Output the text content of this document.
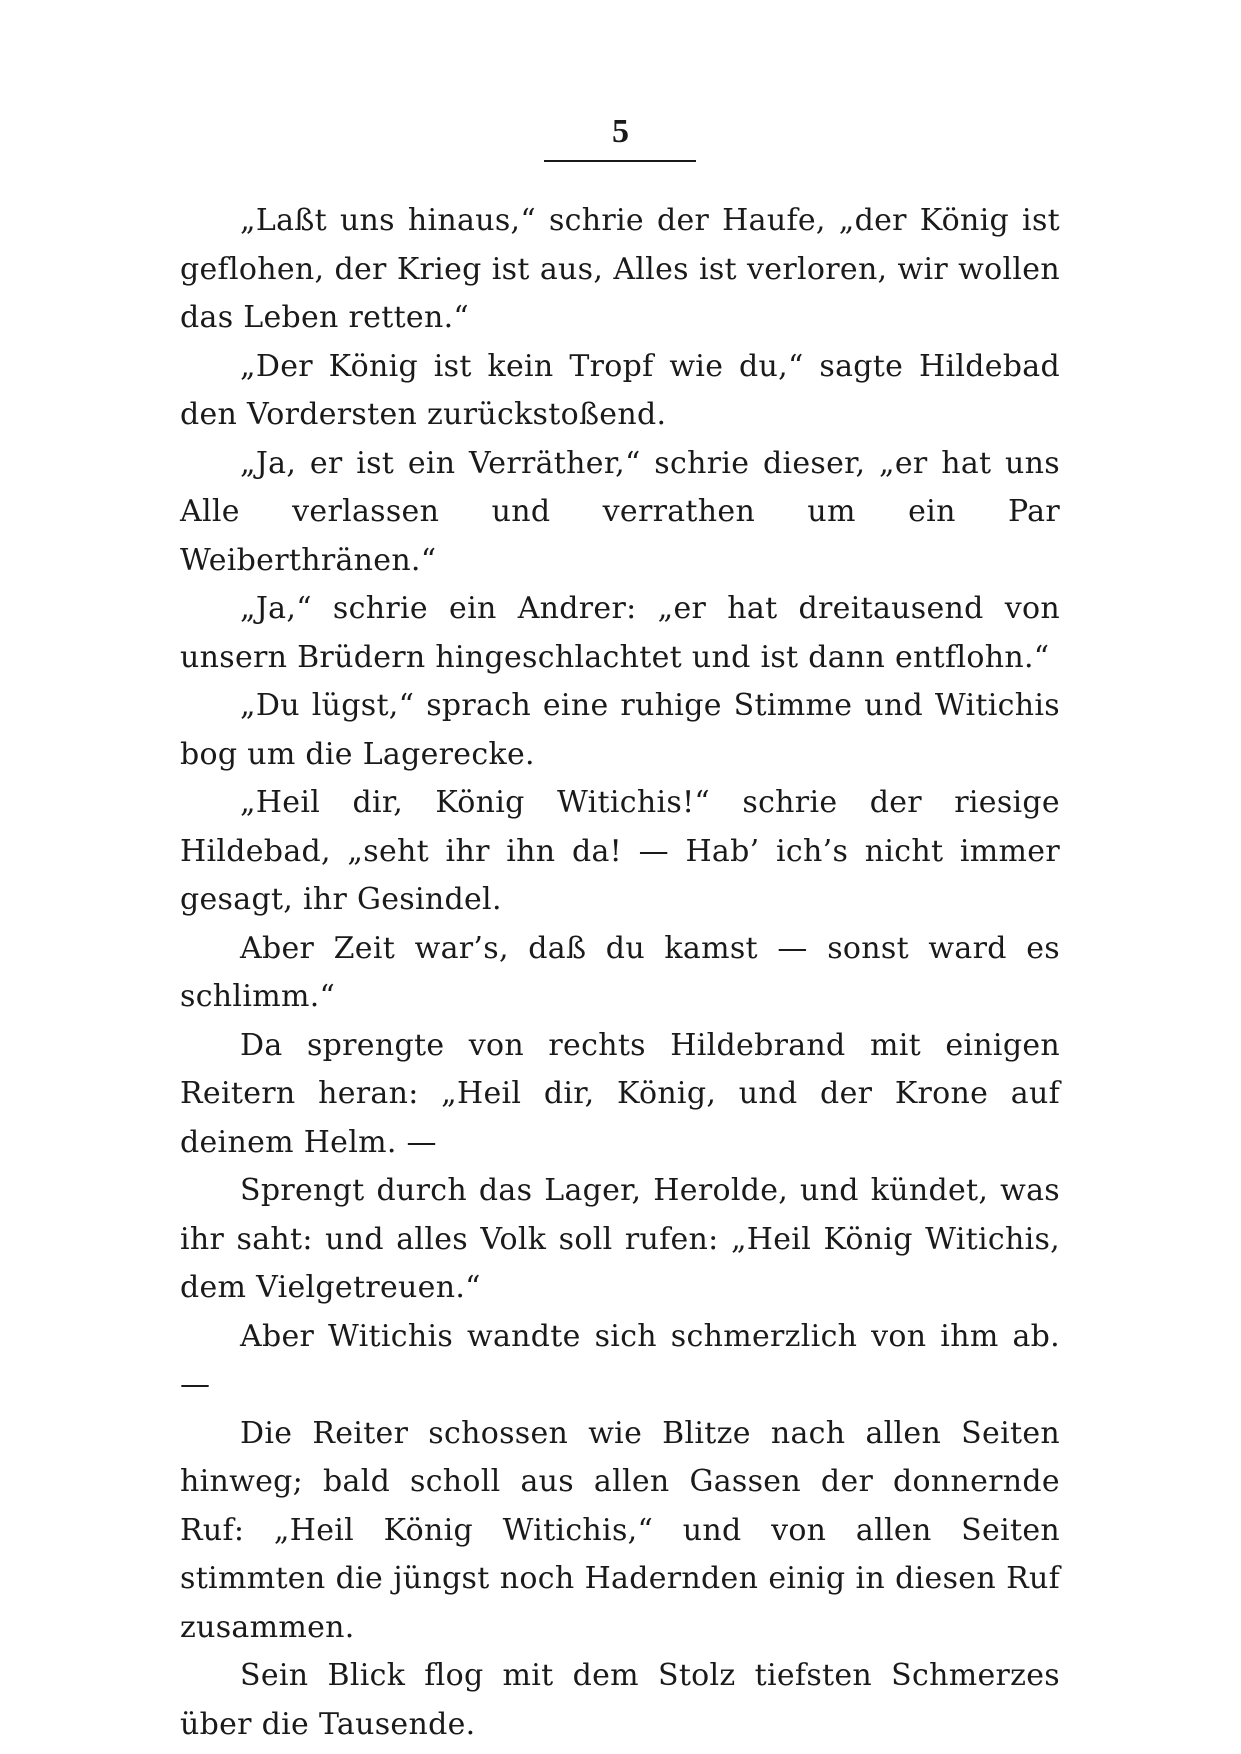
5

„Laßt uns hinaus,“ schrie der Haufe, „der König ist geflohen, der Krieg ist aus, Alles ist verloren, wir wollen das Leben retten.“

„Der König ist kein Tropf wie du,“ sagte Hildebad den Vordersten zurückstoßend.

„Ja, er ist ein Verräther,“ schrie dieser, „er hat uns Alle verlassen und verrathen um ein Par Weiberthränen.“

„Ja,“ schrie ein Andrer: „er hat dreitausend von unsern Brüdern hingeschlachtet und ist dann entflohn.“

„Du lügst,“ sprach eine ruhige Stimme und Witichis bog um die Lagerecke.

„Heil dir, König Witichis!“ schrie der riesige Hildebad, „seht ihr ihn da! — Hab’ ich’s nicht immer gesagt, ihr Gesindel.

Aber Zeit war’s, daß du kamst — sonst ward es schlimm.“

Da sprengte von rechts Hildebrand mit einigen Reitern heran: „Heil dir, König, und der Krone auf deinem Helm. —

Sprengt durch das Lager, Herolde, und kündet, was ihr saht: und alles Volk soll rufen: „Heil König Witichis, dem Vielgetreuen.“

Aber Witichis wandte sich schmerzlich von ihm ab. —

Die Reiter schossen wie Blitze nach allen Seiten hinweg; bald scholl aus allen Gassen der donnernde Ruf: „Heil König Witichis,“ und von allen Seiten stimmten die jüngst noch Hadernden einig in diesen Ruf zusammen.

Sein Blick flog mit dem Stolz tiefsten Schmerzes über die Tausende.
